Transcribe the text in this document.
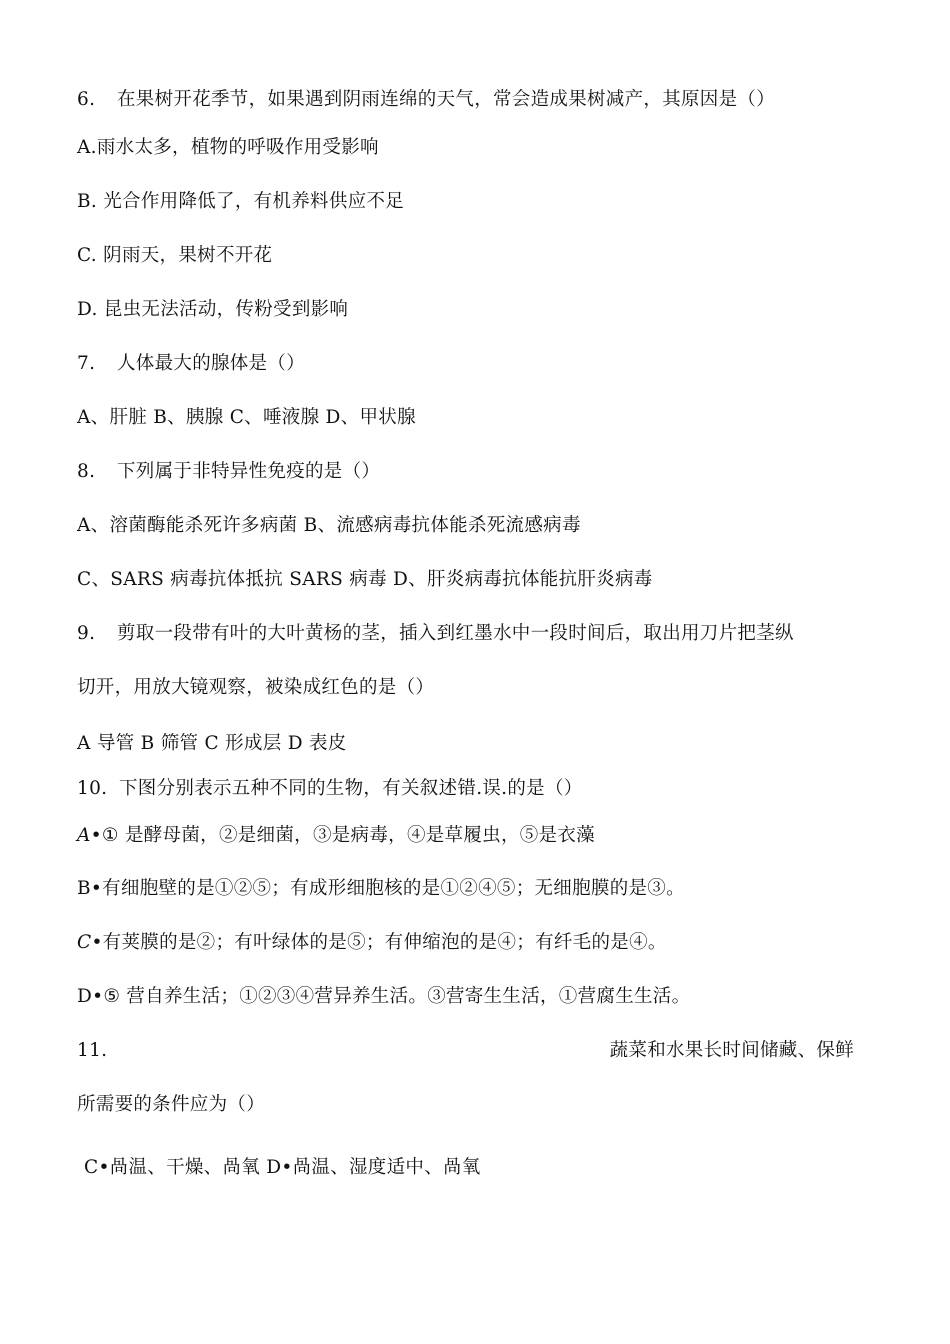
6. 在果树开花季节，如果遇到阴雨连绵的天气，常会造成果树减产，其原因是（）
A.雨水太多，植物的呼吸作用受影响
B. 光合作用降低了，有机养料供应不足
C. 阴雨天，果树不开花
D. 昆虫无法活动，传粉受到影响
7. 人体最大的腺体是（）
A、肝脏 B、胰腺 C、唾液腺 D、甲状腺
8. 下列属于非特异性免疫的是（）
A、溶菌酶能杀死许多病菌 B、流感病毒抗体能杀死流感病毒
C、SARS 病毒抗体抵抗 SARS 病毒 D、肝炎病毒抗体能抗肝炎病毒
9. 剪取一段带有叶的大叶黄杨的茎，插入到红墨水中一段时间后，取出用刀片把茎纵
切开，用放大镜观察，被染成红色的是（）
A 导管 B 筛管 C 形成层 D 表皮
10. 下图分别表示五种不同的生物，有关叙述错.误.的是（）
A•① 是酵母菌，②是细菌，③是病毒，④是草履虫，⑤是衣藻
B•有细胞壁的是①②⑤；有成形细胞核的是①②④⑤；无细胞膜的是③。
C•有荚膜的是②；有叶绿体的是⑤；有伸缩泡的是④；有纤毛的是④。
D•⑤ 营自养生活；①②③④营异养生活。③营寄生生活，①营腐生生活。
11.	蔬菜和水果长时间储藏、保鲜
所需要的条件应为（）
C•咼温、干燥、咼氧 D•咼温、湿度适中、咼氧
